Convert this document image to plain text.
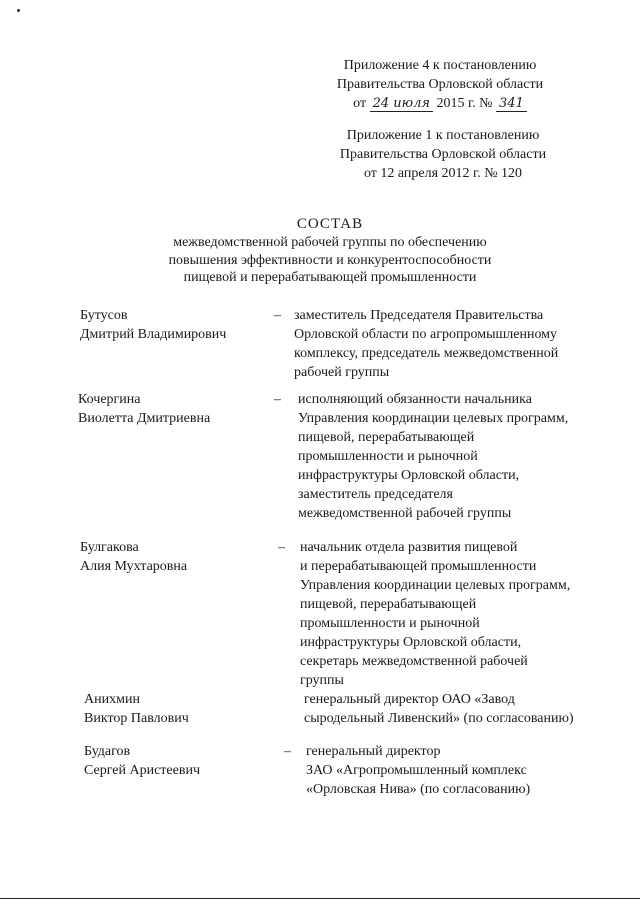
Приложение 4 к постановлению
Правительства Орловской области
от 24 июля 2015 г. № 341
Приложение 1 к постановлению
Правительства Орловской области
от 12 апреля 2012 г. № 120
СОСТАВ
межведомственной рабочей группы по обеспечению
повышения эффективности и конкурентоспособности
пищевой и перерабатывающей промышленности
Бутусов
Дмитрий Владимирович
– заместитель Председателя Правительства
Орловской области по агропромышленному
комплексу, председатель межведомственной
рабочей группы
Кочергина
Виолетта Дмитриевна
– исполняющий обязанности начальника
Управления координации целевых программ,
пищевой, перерабатывающей
промышленности и рыночной
инфраструктуры Орловской области,
заместитель председателя
межведомственной рабочей группы
Булгакова
Алия Мухтаровна
– начальник отдела развития пищевой
и перерабатывающей промышленности
Управления координации целевых программ,
пищевой, перерабатывающей
промышленности и рыночной
инфраструктуры Орловской области,
секретарь межведомственной рабочей
группы
Анихмин
Виктор Павлович
генеральный директор ОАО «Завод
сыродельный Ливенский» (по согласованию)
Будагов
Сергей Аристеевич
– генеральный директор
ЗАО «Агропромышленный комплекс
«Орловская Нива» (по согласованию)
